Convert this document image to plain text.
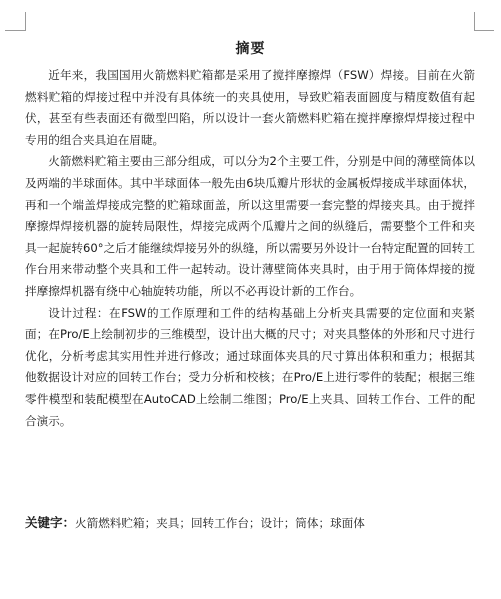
摘要

近年来，我国国用火箭燃料贮箱都是采用了搅拌摩擦焊（FSW）焊接。目前在火箭燃料贮箱的焊接过程中并没有具体统一的夹具使用，导致贮箱表面圆度与精度数值有起伏，甚至有些表面还有微型凹陷，所以设计一套火箭燃料贮箱在搅拌摩擦焊焊接过程中专用的组合夹具迫在眉睫。

火箭燃料贮箱主要由三部分组成，可以分为2个主要工件，分别是中间的薄壁筒体以及两端的半球面体。其中半球面体一般先由6块瓜瓣片形状的金属板焊接成半球面体状，再和一个端盖焊接成完整的贮箱球面盖，所以这里需要一套完整的焊接夹具。由于搅拌摩擦焊焊接机器的旋转局限性，焊接完成两个瓜瓣片之间的纵缝后，需要整个工件和夹具一起旋转60°之后才能继续焊接另外的纵缝，所以需要另外设计一台特定配置的回转工作台用来带动整个夹具和工件一起转动。设计薄壁筒体夹具时，由于用于筒体焊接的搅拌摩擦焊机器有绕中心轴旋转功能，所以不必再设计新的工作台。

设计过程：在FSW的工作原理和工件的结构基础上分析夹具需要的定位面和夹紧面；在Pro/E上绘制初步的三维模型，设计出大概的尺寸；对夹具整体的外形和尺寸进行优化，分析考虑其实用性并进行修改；通过球面体夹具的尺寸算出体积和重力；根据其他数据设计对应的回转工作台；受力分析和校核；在Pro/E上进行零件的装配；根据三维零件模型和装配模型在AutoCAD上绘制二维图；Pro/E上夹具、回转工作台、工件的配合演示。

关键字：火箭燃料贮箱；夹具；回转工作台；设计；筒体；球面体
